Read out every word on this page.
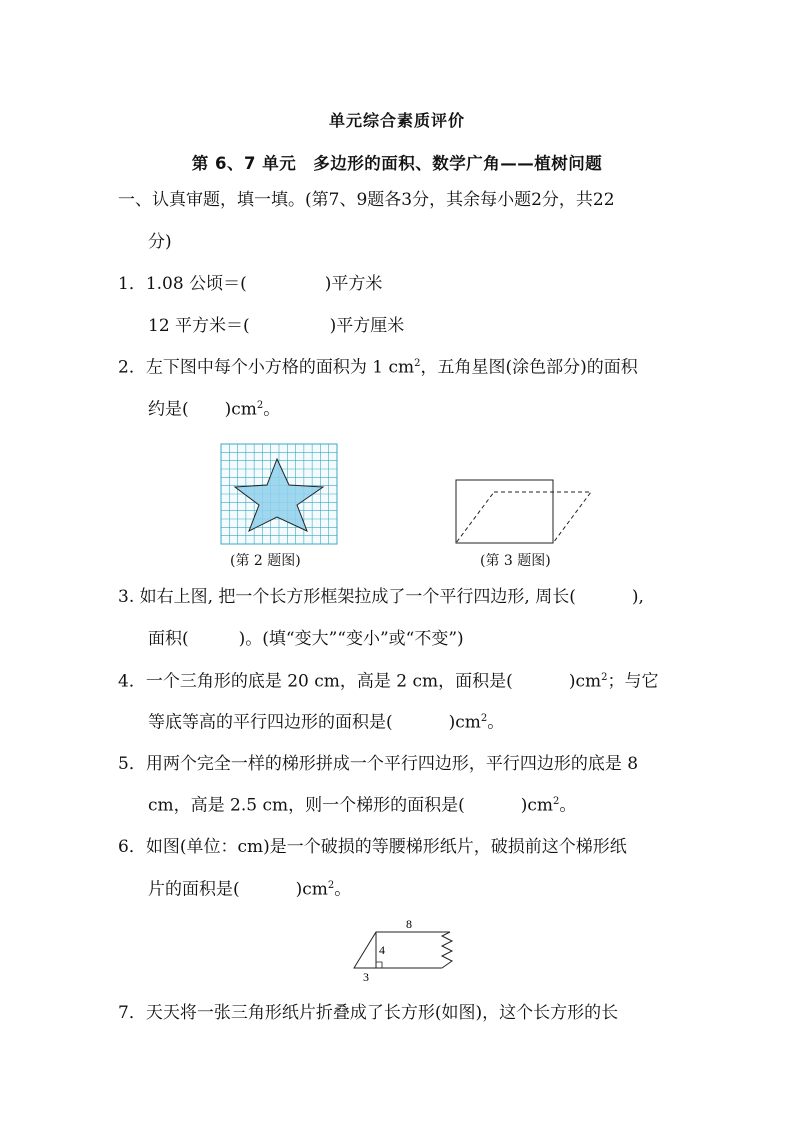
单元综合素质评价
第 6、7 单元　多边形的面积、数学广角——植树问题
一、认真审题，填一填。(第7、9题各3分，其余每小题2分，共22
分)
1．1.08 公顷＝(	)平方米
12 平方米＝(	)平方厘米
2．左下图中每个小方格的面积为 1 $cm^2$，五角星图(涂色部分)的面积
约是( )$cm^2$。
(第 2 题图)	(第 3 题图)
3. 如右上图, 把一个长方形框架拉成了一个平行四边形, 周长(	),
面积(	)。(填“变大”“变小”或“不变”)
4．一个三角形的底是 20 cm，高是 2 cm，面积是(	)$cm^2$；与它
等底等高的平行四边形的面积是(	)$cm^2$。
5．用两个完全一样的梯形拼成一个平行四边形，平行四边形的底是 8
cm，高是 2.5 cm，则一个梯形的面积是(	)$cm^2$。
6．如图(单位：cm)是一个破损的等腰梯形纸片，破损前这个梯形纸
片的面积是(	)$cm^2$。
8
4
3
7．天天将一张三角形纸片折叠成了长方形(如图)，这个长方形的长
